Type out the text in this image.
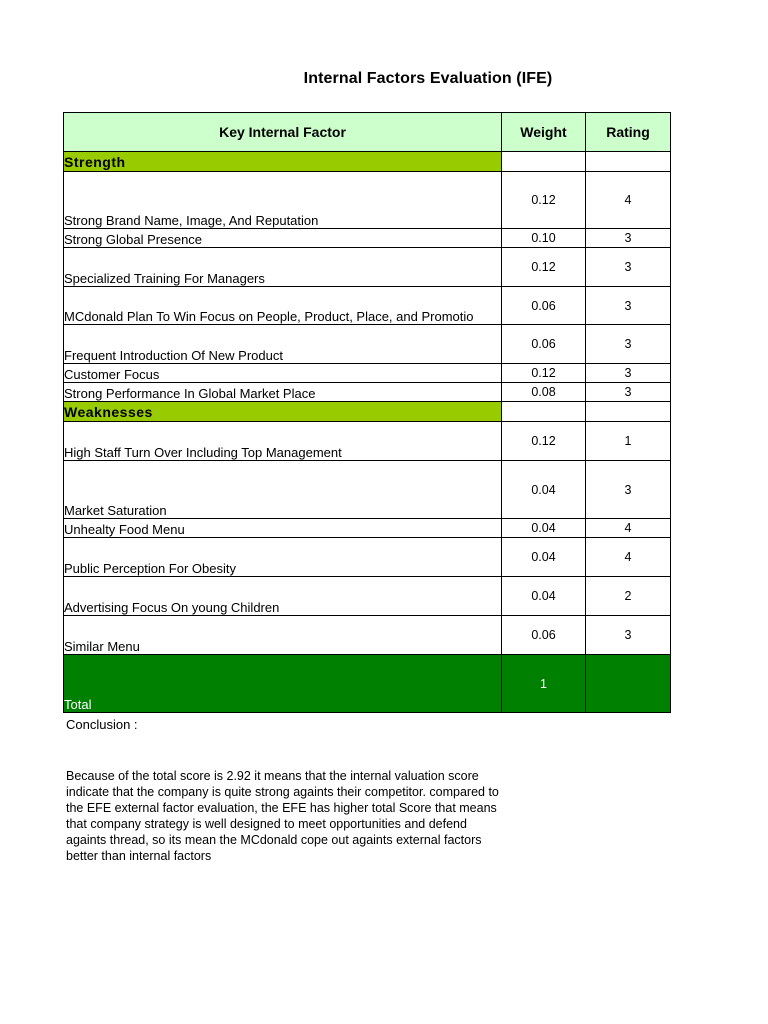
Internal Factors Evaluation (IFE)
Key Internal Factor	Weight	Rating
Strength		
Strong Brand Name, Image, And Reputation	0.12	4
Strong Global Presence	0.10	3
Specialized Training For Managers	0.12	3
MCdonald Plan To Win Focus on People, Product, Place, and Promotio	0.06	3
Frequent Introduction Of New Product	0.06	3
Customer Focus	0.12	3
Strong Performance In Global Market Place	0.08	3
Weaknesses		
High Staff Turn Over Including Top Management	0.12	1
Market Saturation	0.04	3
Unhealty Food Menu	0.04	4
Public Perception For Obesity	0.04	4
Advertising Focus On young Children	0.04	2
Similar Menu	0.06	3
Total	1	
Conclusion :
Because of the total score is 2.92 it means that the internal valuation score indicate that the company is quite strong againts their competitor. compared to the EFE external factor evaluation, the EFE has higher total Score that means that company strategy is well designed to meet opportunities and defend againts thread, so its mean the MCdonald cope out againts external factors better than internal factors
